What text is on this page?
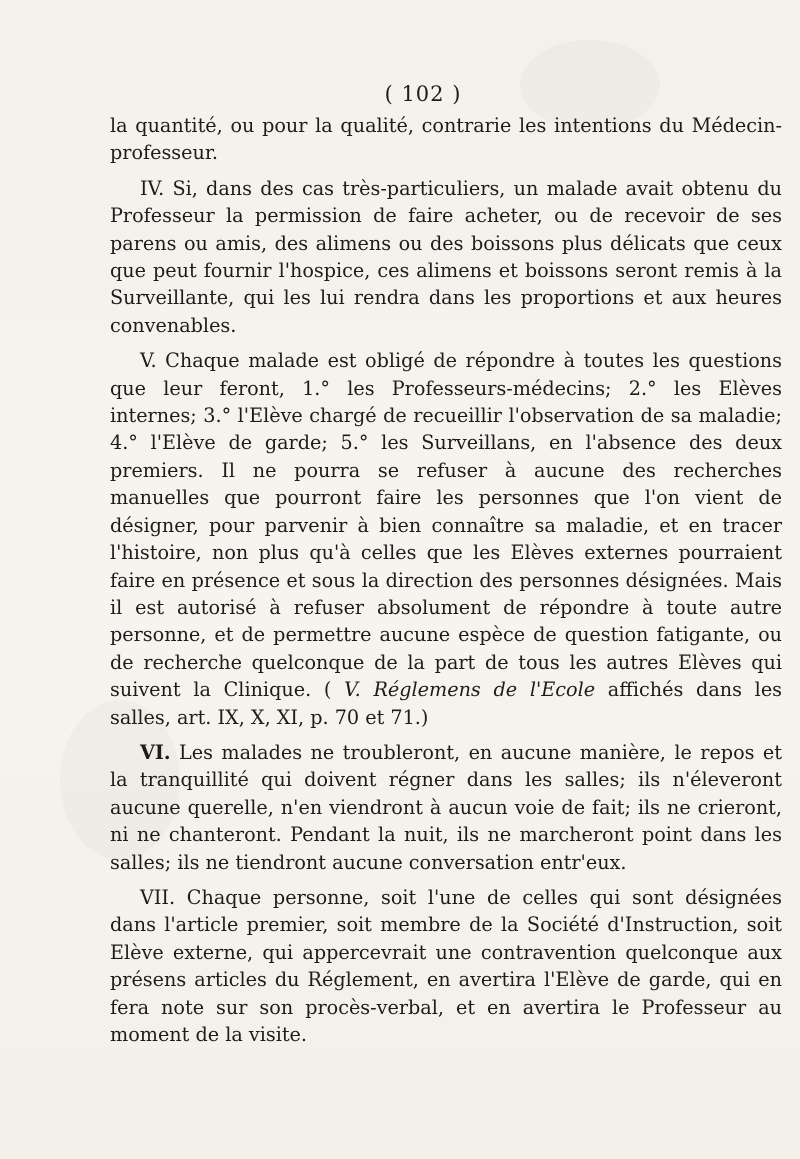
( 102 )

la quantité, ou pour la qualité, contrarie les intentions du Médecin-professeur.

IV. Si, dans des cas très-particuliers, un malade avait obtenu du Professeur la permission de faire acheter, ou de recevoir de ses parens ou amis, des alimens ou des boissons plus délicats que ceux que peut fournir l'hospice, ces alimens et boissons seront remis à la Surveillante, qui les lui rendra dans les proportions et aux heures convenables.

V. Chaque malade est obligé de répondre à toutes les questions que leur feront, 1.° les Professeurs-médecins; 2.° les Elèves internes; 3.° l'Elève chargé de recueillir l'observation de sa maladie; 4.° l'Elève de garde; 5.° les Surveillans, en l'absence des deux premiers. Il ne pourra se refuser à aucune des recherches manuelles que pourront faire les personnes que l'on vient de désigner, pour parvenir à bien connaître sa maladie, et en tracer l'histoire, non plus qu'à celles que les Elèves externes pourraient faire en présence et sous la direction des personnes désignées. Mais il est autorisé à refuser absolument de répondre à toute autre personne, et de permettre aucune espèce de question fatigante, ou de recherche quelconque de la part de tous les autres Elèves qui suivent la Clinique. ( V. Réglemens de l'Ecole affichés dans les salles, art. IX, X, XI, p. 70 et 71.)

VI. Les malades ne troubleront, en aucune manière, le repos et la tranquillité qui doivent régner dans les salles; ils n'éleveront aucune querelle, n'en viendront à aucun voie de fait; ils ne crieront, ni ne chanteront. Pendant la nuit, ils ne marcheront point dans les salles; ils ne tiendront aucune conversation entr'eux.

VII. Chaque personne, soit l'une de celles qui sont désignées dans l'article premier, soit membre de la Société d'Instruction, soit Elève externe, qui appercevrait une contravention quelconque aux présens articles du Réglement, en avertira l'Elève de garde, qui en fera note sur son procès-verbal, et en avertira le Professeur au moment de la visite.
